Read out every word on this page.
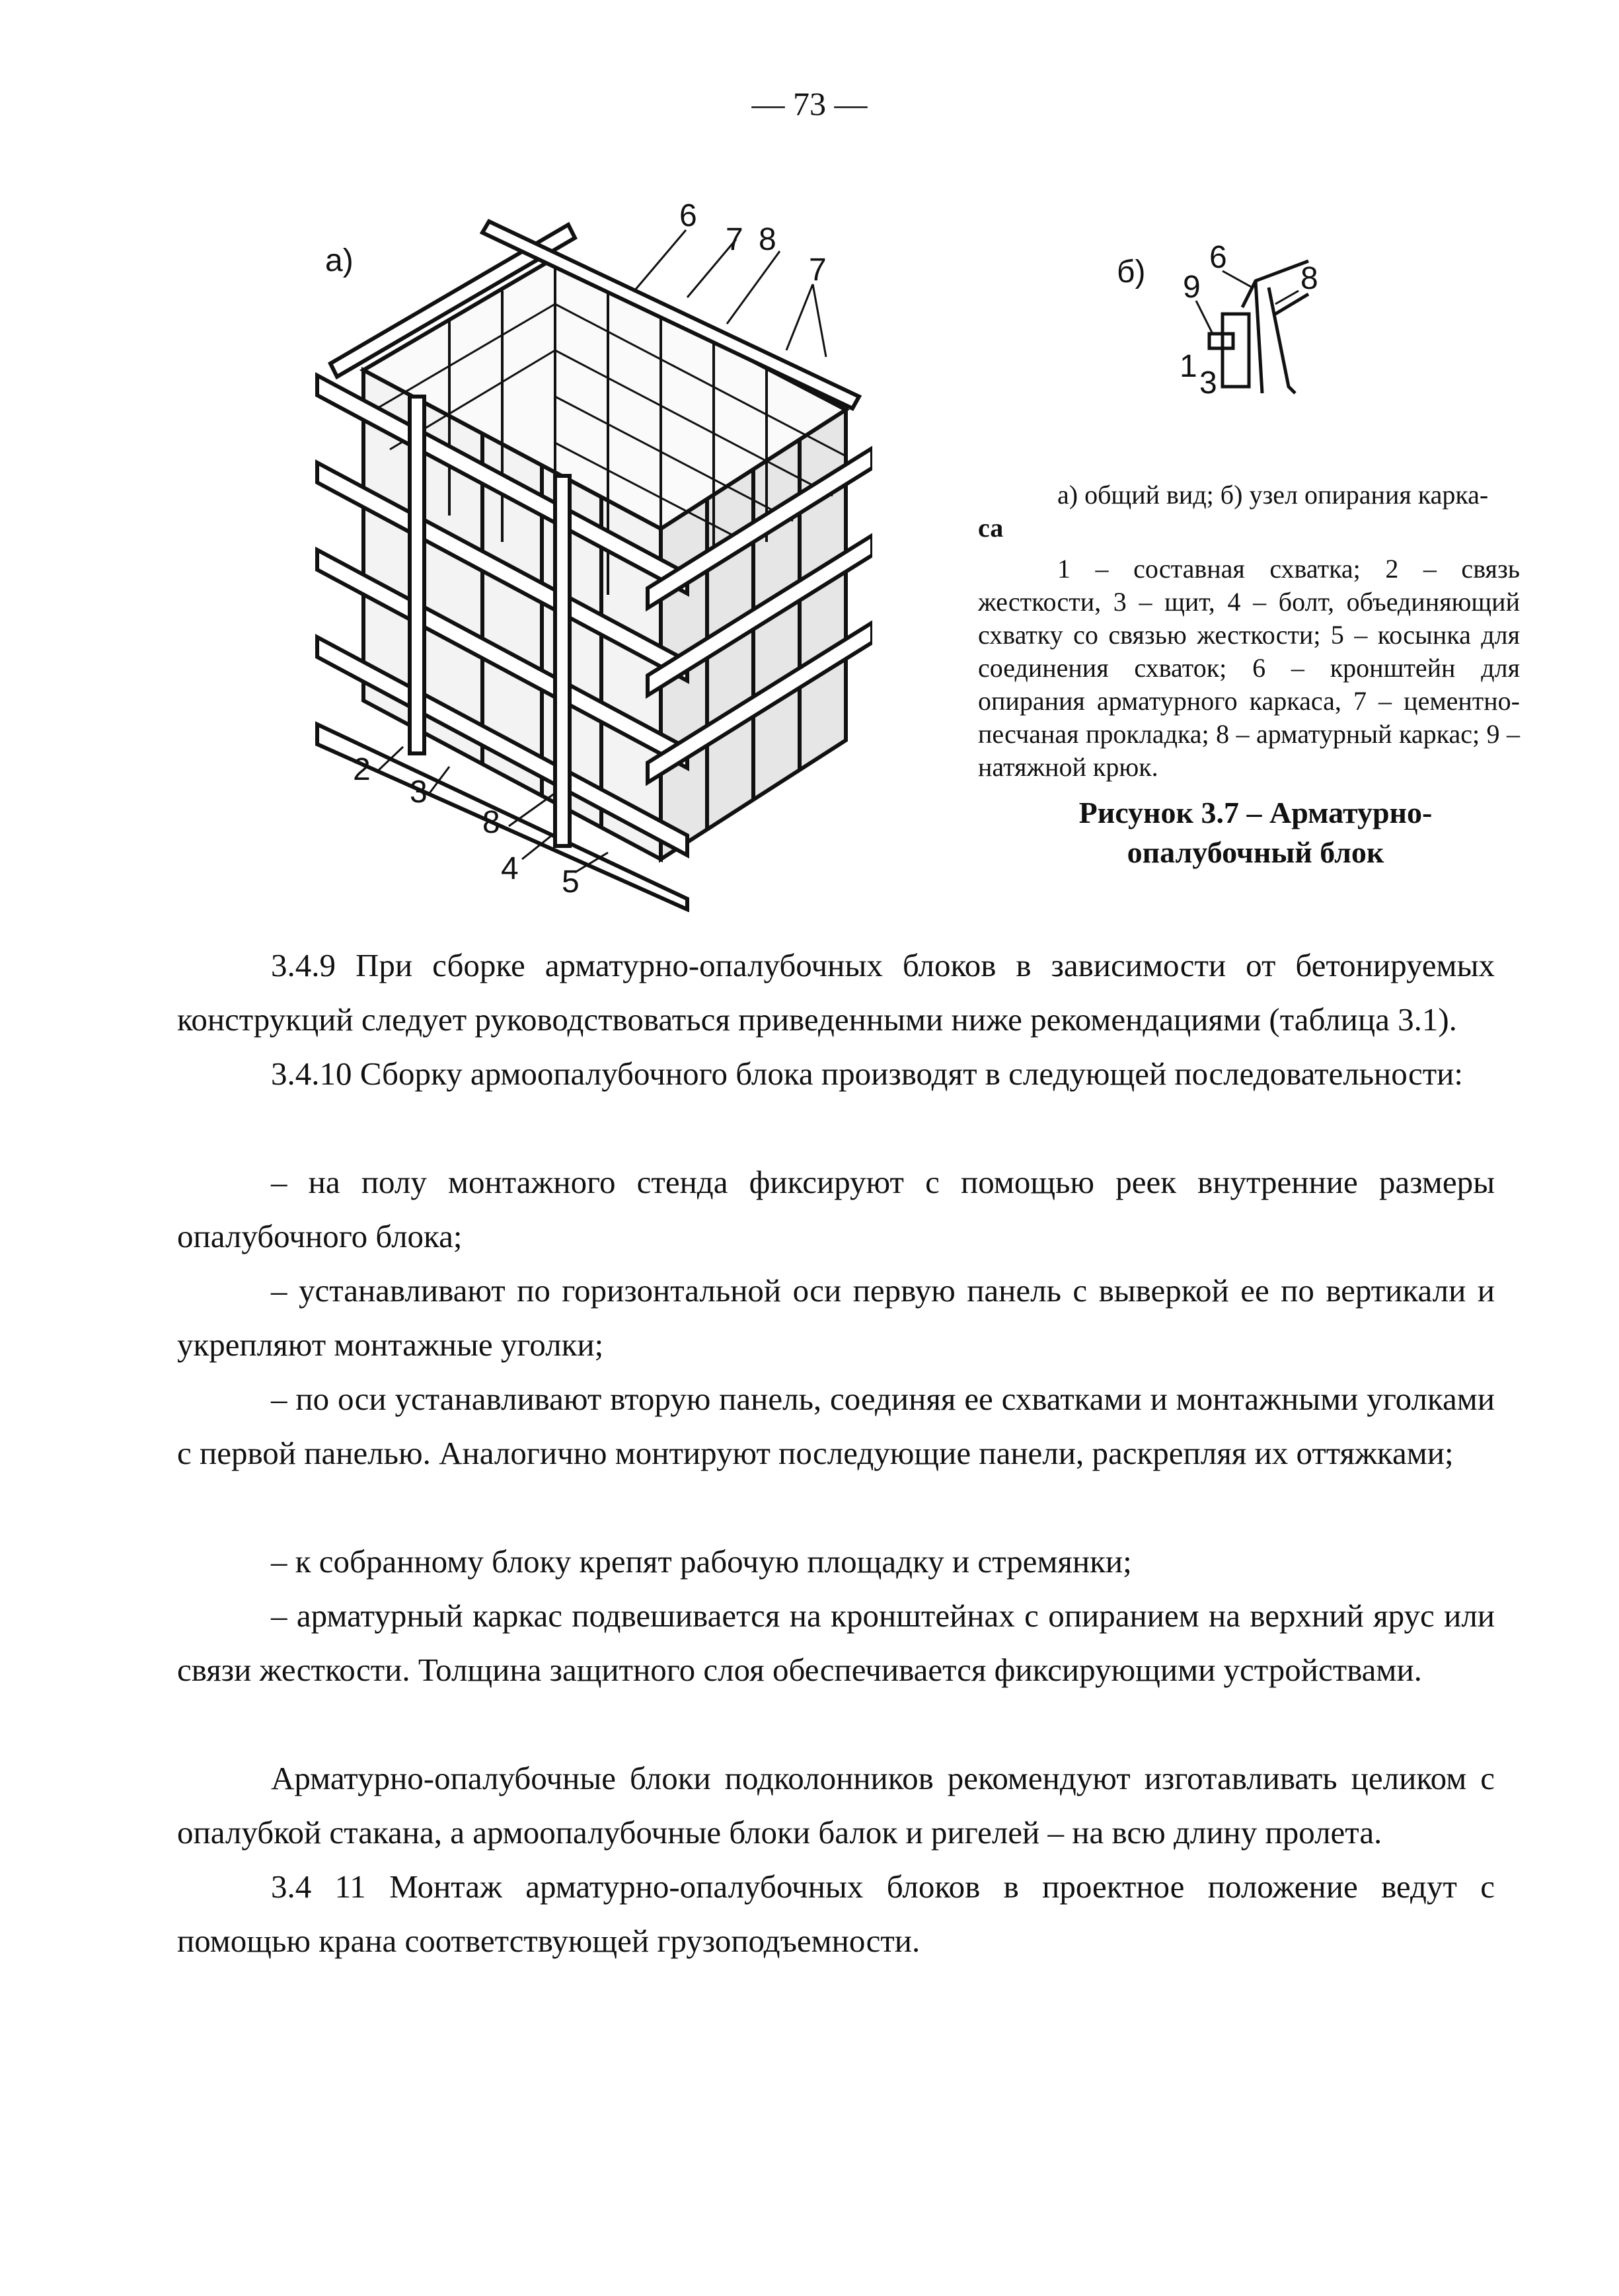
— 73 —
а)
6
7 8
7
2
3
8
4 5
б) 6
8
9
1 3
а) общий вид; б) узел опирания карка-
са
1 – составная схватка; 2 – связь жесткости, 3 – щит, 4 – болт, объединяющий схватку со связью жесткости; 5 – косынка для соединения схваток; 6 – кронштейн для опирания арматурного каркаса, 7 – цементно-песчаная прокладка; 8 – арматурный каркас; 9 – натяжной крюк.
Рисунок 3.7 – Арматурно-
опалубочный блок

3.4.9 При сборке арматурно-опалубочных блоков в зависимости от бетонируемых конструкций следует руководствоваться приведенными ниже рекомендациями (таблица 3.1).

3.4.10 Сборку армоопалубочного блока производят в следующей последовательности:

– на полу монтажного стенда фиксируют с помощью реек внутренние размеры опалубочного блока;

– устанавливают по горизонтальной оси первую панель с выверкой ее по вертикали и укрепляют монтажные уголки;

– по оси устанавливают вторую панель, соединяя ее схватками и монтажными уголками с первой панелью. Аналогично монтируют последующие панели, раскрепляя их оттяжками;

– к собранному блоку крепят рабочую площадку и стремянки;

– арматурный каркас подвешивается на кронштейнах с опиранием на верхний ярус или связи жесткости. Толщина защитного слоя обеспечивается фиксирующими устройствами.

Арматурно-опалубочные блоки подколонников рекомендуют изготавливать целиком с опалубкой стакана, а армоопалубочные блоки балок и ригелей – на всю длину пролета.

3.4 11 Монтаж арматурно-опалубочных блоков в проектное положение ведут с помощью крана соответствующей грузоподъемности.
